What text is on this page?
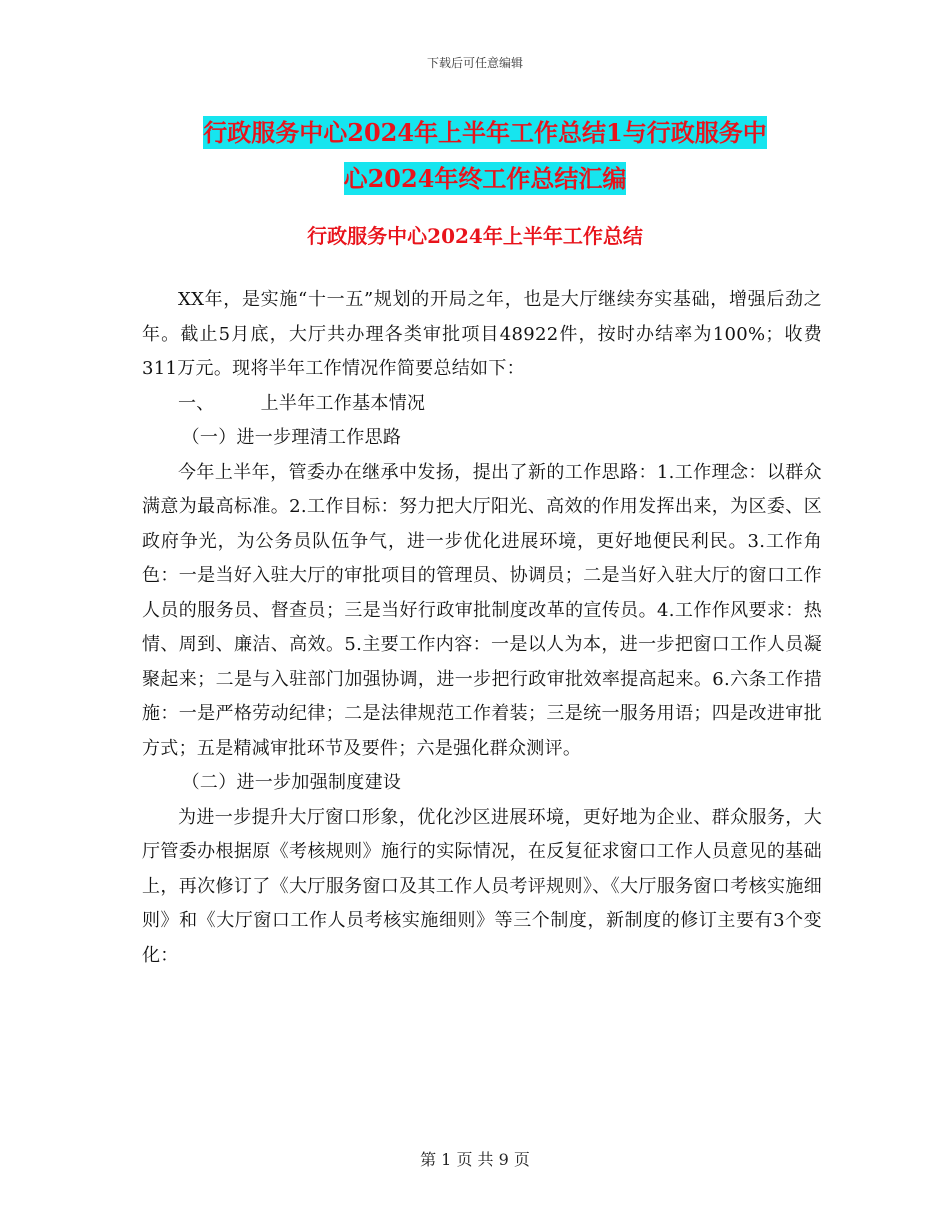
下载后可任意编辑
行政服务中心2024年上半年工作总结1与行政服务中
心2024年终工作总结汇编
行政服务中心2024年上半年工作总结

XX年，是实施“十一五”规划的开局之年，也是大厅继续夯实基础，增强后劲之年。截止5月底，大厅共办理各类审批项目48922件，按时办结率为100%；收费311万元。现将半年工作情况作简要总结如下：

一、	上半年工作基本情况

（一）进一步理清工作思路

今年上半年，管委办在继承中发扬，提出了新的工作思路：1.工作理念：以群众满意为最高标准。2.工作目标：努力把大厅阳光、高效的作用发挥出来，为区委、区政府争光，为公务员队伍争气，进一步优化进展环境，更好地便民利民。3.工作角色：一是当好入驻大厅的审批项目的管理员、协调员；二是当好入驻大厅的窗口工作人员的服务员、督查员；三是当好行政审批制度改革的宣传员。4.工作作风要求：热情、周到、廉洁、高效。5.主要工作内容：一是以人为本，进一步把窗口工作人员凝聚起来；二是与入驻部门加强协调，进一步把行政审批效率提高起来。6.六条工作措施：一是严格劳动纪律；二是法律规范工作着装；三是统一服务用语；四是改进审批方式；五是精减审批环节及要件；六是强化群众测评。

（二）进一步加强制度建设

为进一步提升大厅窗口形象，优化沙区进展环境，更好地为企业、群众服务，大厅管委办根据原《考核规则》施行的实际情况，在反复征求窗口工作人员意见的基础上，再次修订了《大厅服务窗口及其工作人员考评规则》、《大厅服务窗口考核实施细则》和《大厅窗口工作人员考核实施细则》等三个制度，新制度的修订主要有3个变化：

第 1 页 共 9 页
